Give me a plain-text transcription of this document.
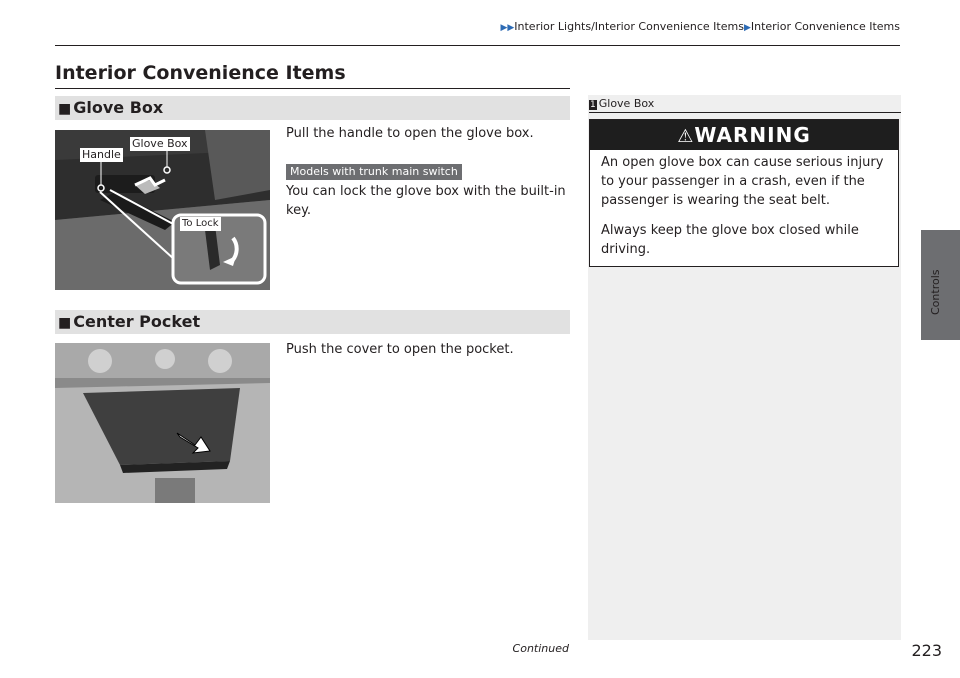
▶▶Interior Lights/Interior Convenience Items▶Interior Convenience Items
Interior Convenience Items
■ Glove Box
Handle
Glove Box
To Lock
Pull the handle to open the glove box.
Models with trunk main switch
You can lock the glove box with the built-in key.
■ Center Pocket
Push the cover to open the pocket.
1 Glove Box
⚠WARNING

An open glove box can cause serious injury to your passenger in a crash, even if the passenger is wearing the seat belt.

Always keep the glove box closed while driving.

Controls
Continued	223
